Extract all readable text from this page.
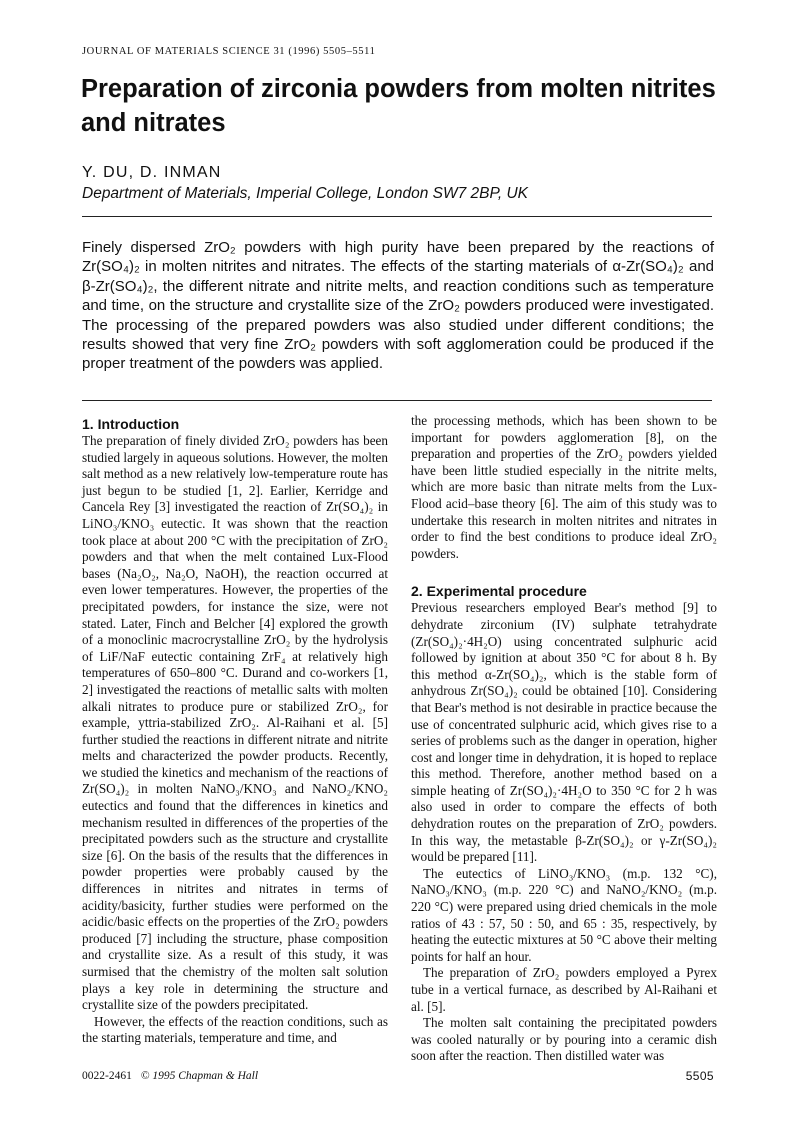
JOURNAL OF MATERIALS SCIENCE 31 (1996) 5505–5511
Preparation of zirconia powders from molten nitrites and nitrates
Y. DU, D. INMAN
Department of Materials, Imperial College, London SW7 2BP, UK

Finely dispersed ZrO₂ powders with high purity have been prepared by the reactions of Zr(SO₄)₂ in molten nitrites and nitrates. The effects of the starting materials of α-Zr(SO₄)₂ and β-Zr(SO₄)₂, the different nitrate and nitrite melts, and reaction conditions such as temperature and time, on the structure and crystallite size of the ZrO₂ powders produced were investigated. The processing of the prepared powders was also studied under different conditions; the results showed that very fine ZrO₂ powders with soft agglomeration could be produced if the proper treatment of the powders was applied.

1. Introduction

The preparation of finely divided ZrO₂ powders has been studied largely in aqueous solutions. However, the molten salt method as a new relatively low-temperature route has just begun to be studied [1, 2]. Earlier, Kerridge and Cancela Rey [3] investigated the reaction of Zr(SO₄)₂ in LiNO₃/KNO₃ eutectic. It was shown that the reaction took place at about 200 °C with the precipitation of ZrO₂ powders and that when the melt contained Lux-Flood bases (Na₂O₂, Na₂O, NaOH), the reaction occurred at even lower temperatures. However, the properties of the precipitated powders, for instance the size, were not stated. Later, Finch and Belcher [4] explored the growth of a monoclinic macrocrystalline ZrO₂ by the hydrolysis of LiF/NaF eutectic containing ZrF₄ at relatively high temperatures of 650–800 °C. Durand and co-workers [1, 2] investigated the reactions of metallic salts with molten alkali nitrates to produce pure or stabilized ZrO₂, for example, yttria-stabilized ZrO₂. Al-Raihani et al. [5] further studied the reactions in different nitrate and nitrite melts and characterized the powder products. Recently, we studied the kinetics and mechanism of the reactions of Zr(SO₄)₂ in molten NaNO₃/KNO₃ and NaNO₂/KNO₂ eutectics and found that the differences in kinetics and mechanism resulted in differences of the properties of the precipitated powders such as the structure and crystallite size [6]. On the basis of the results that the differences in powder properties were probably caused by the differences in nitrites and nitrates in terms of acidity/basicity, further studies were performed on the acidic/basic effects on the properties of the ZrO₂ powders produced [7] including the structure, phase composition and crystallite size. As a result of this study, it was surmised that the chemistry of the molten salt solution plays a key role in determining the structure and crystallite size of the powders precipitated.

However, the effects of the reaction conditions, such as the starting materials, temperature and time, and

the processing methods, which has been shown to be important for powders agglomeration [8], on the preparation and properties of the ZrO₂ powders yielded have been little studied especially in the nitrite melts, which are more basic than nitrate melts from the Lux-Flood acid–base theory [6]. The aim of this study was to undertake this research in molten nitrites and nitrates in order to find the best conditions to produce ideal ZrO₂ powders.

2. Experimental procedure

Previous researchers employed Bear's method [9] to dehydrate zirconium (IV) sulphate tetrahydrate (Zr(SO₄)₂·4H₂O) using concentrated sulphuric acid followed by ignition at about 350 °C for about 8 h. By this method α-Zr(SO₄)₂, which is the stable form of anhydrous Zr(SO₄)₂ could be obtained [10]. Considering that Bear's method is not desirable in practice because the use of concentrated sulphuric acid, which gives rise to a series of problems such as the danger in operation, higher cost and longer time in dehydration, it is hoped to replace this method. Therefore, another method based on a simple heating of Zr(SO₄)₂·4H₂O to 350 °C for 2 h was also used in order to compare the effects of both dehydration routes on the preparation of ZrO₂ powders. In this way, the metastable β-Zr(SO₄)₂ or γ-Zr(SO₄)₂ would be prepared [11].

The eutectics of LiNO₃/KNO₃ (m.p. 132 °C), NaNO₃/KNO₃ (m.p. 220 °C) and NaNO₂/KNO₂ (m.p. 220 °C) were prepared using dried chemicals in the mole ratios of 43 : 57, 50 : 50, and 65 : 35, respectively, by heating the eutectic mixtures at 50 °C above their melting points for half an hour.

The preparation of ZrO₂ powders employed a Pyrex tube in a vertical furnace, as described by Al-Raihani et al. [5].

The molten salt containing the precipitated powders was cooled naturally or by pouring into a ceramic dish soon after the reaction. Then distilled water was

0022-2461 © 1995 Chapman & Hall	5505
